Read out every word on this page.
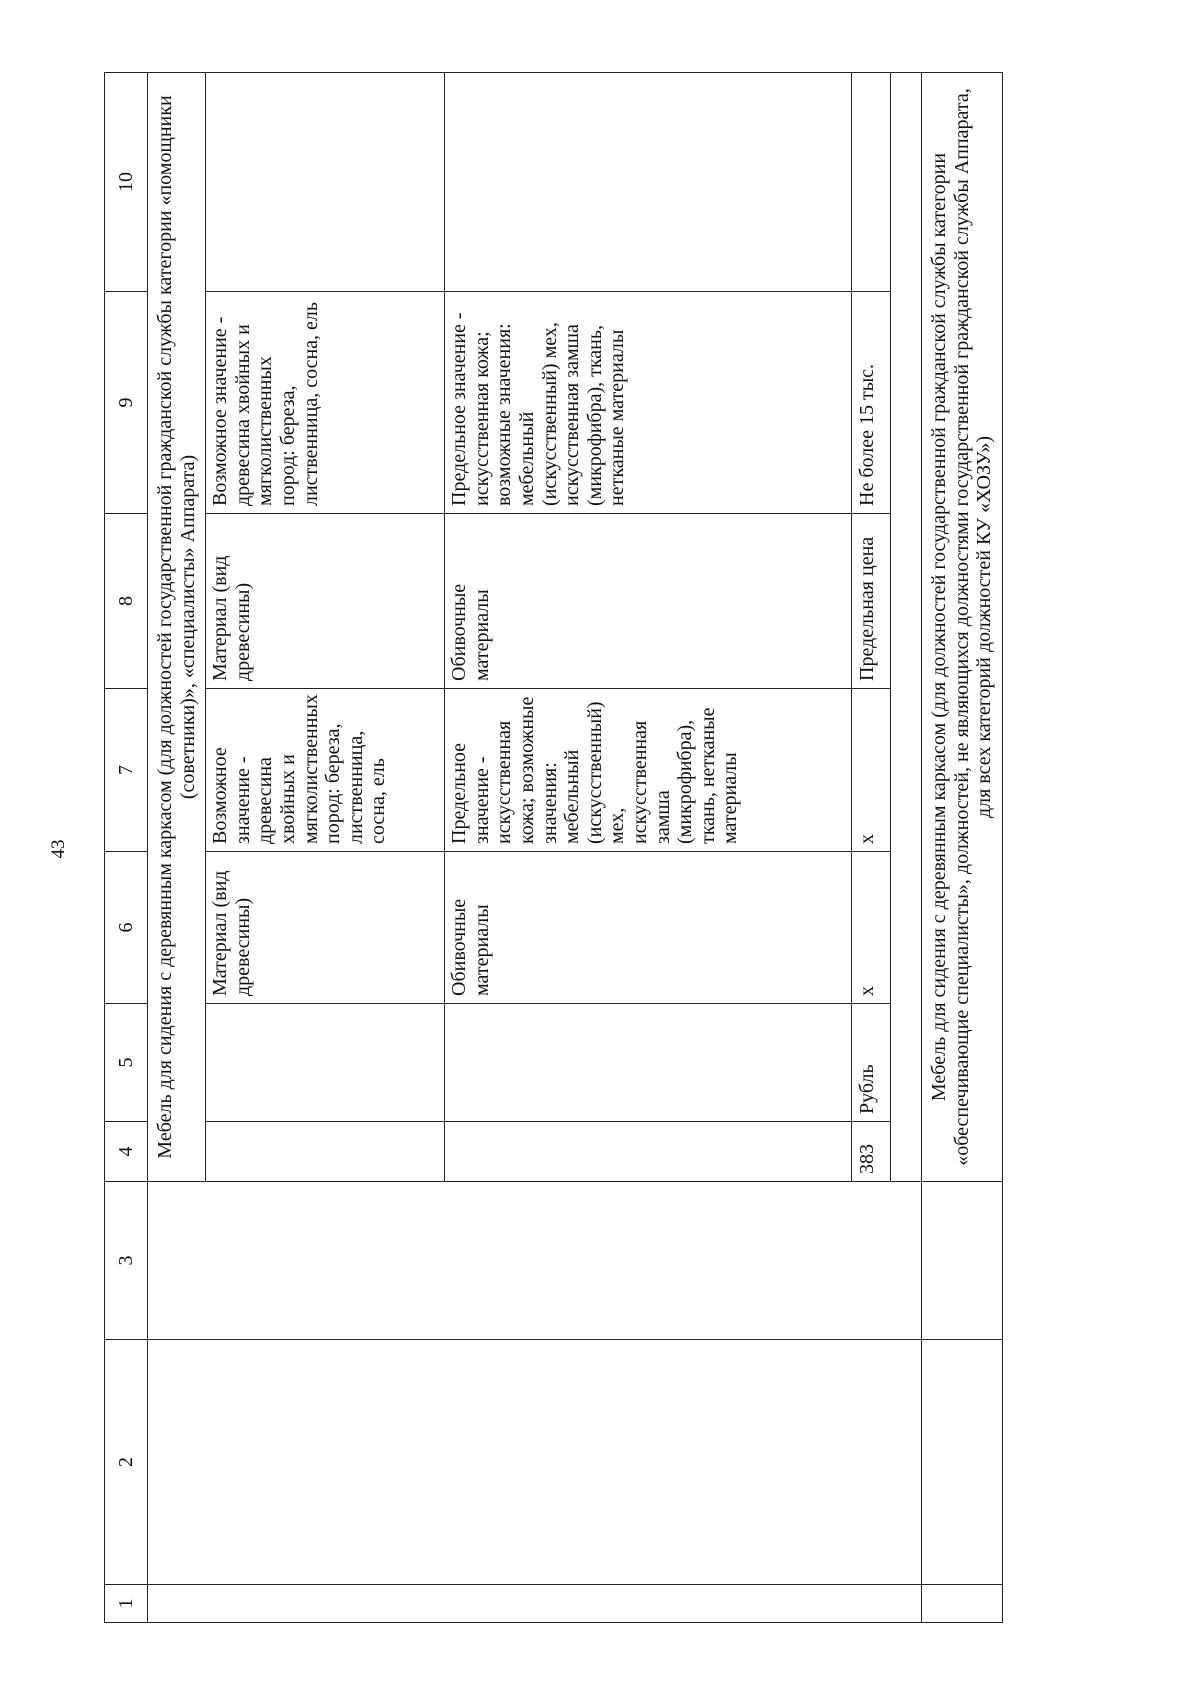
43
1	2	3	4	5	6	7	8	9	10
			Мебель для сидения с деревянным каркасом (для должностей государственной гражданской службы категории «помощники (советники)», «специалисты» Аппарата)						
					Материал (вид древесины)	Возможное значение - древесина хвойных и мягколиственных пород: береза, лиственница, сосна, ель	Материал (вид древесины)	Возможное значение - древесина хвойных и мягколиственных пород: береза, лиственница, сосна, ель	
					Обивочные материалы	Предельное значение - искусственная кожа; возможные значения: мебельный (искусственный) мех, искусственная замша (микрофибра), ткань, нетканые материалы	Обивочные материалы	Предельное значение - искусственная кожа; возможные значения: мебельный (искусственный) мех, искусственная замша (микрофибра), ткань, нетканые материалы	
			383	Рубль	x	x	Предельная цена	Не более 15 тыс.	

			Мебель для сидения с деревянным каркасом (для должностей государственной гражданской службы категории «обеспечивающие специалисты», должностей, не являющихся должностями государственной гражданской службы Аппарата, для всех категорий должностей КУ «ХОЗУ»)						
